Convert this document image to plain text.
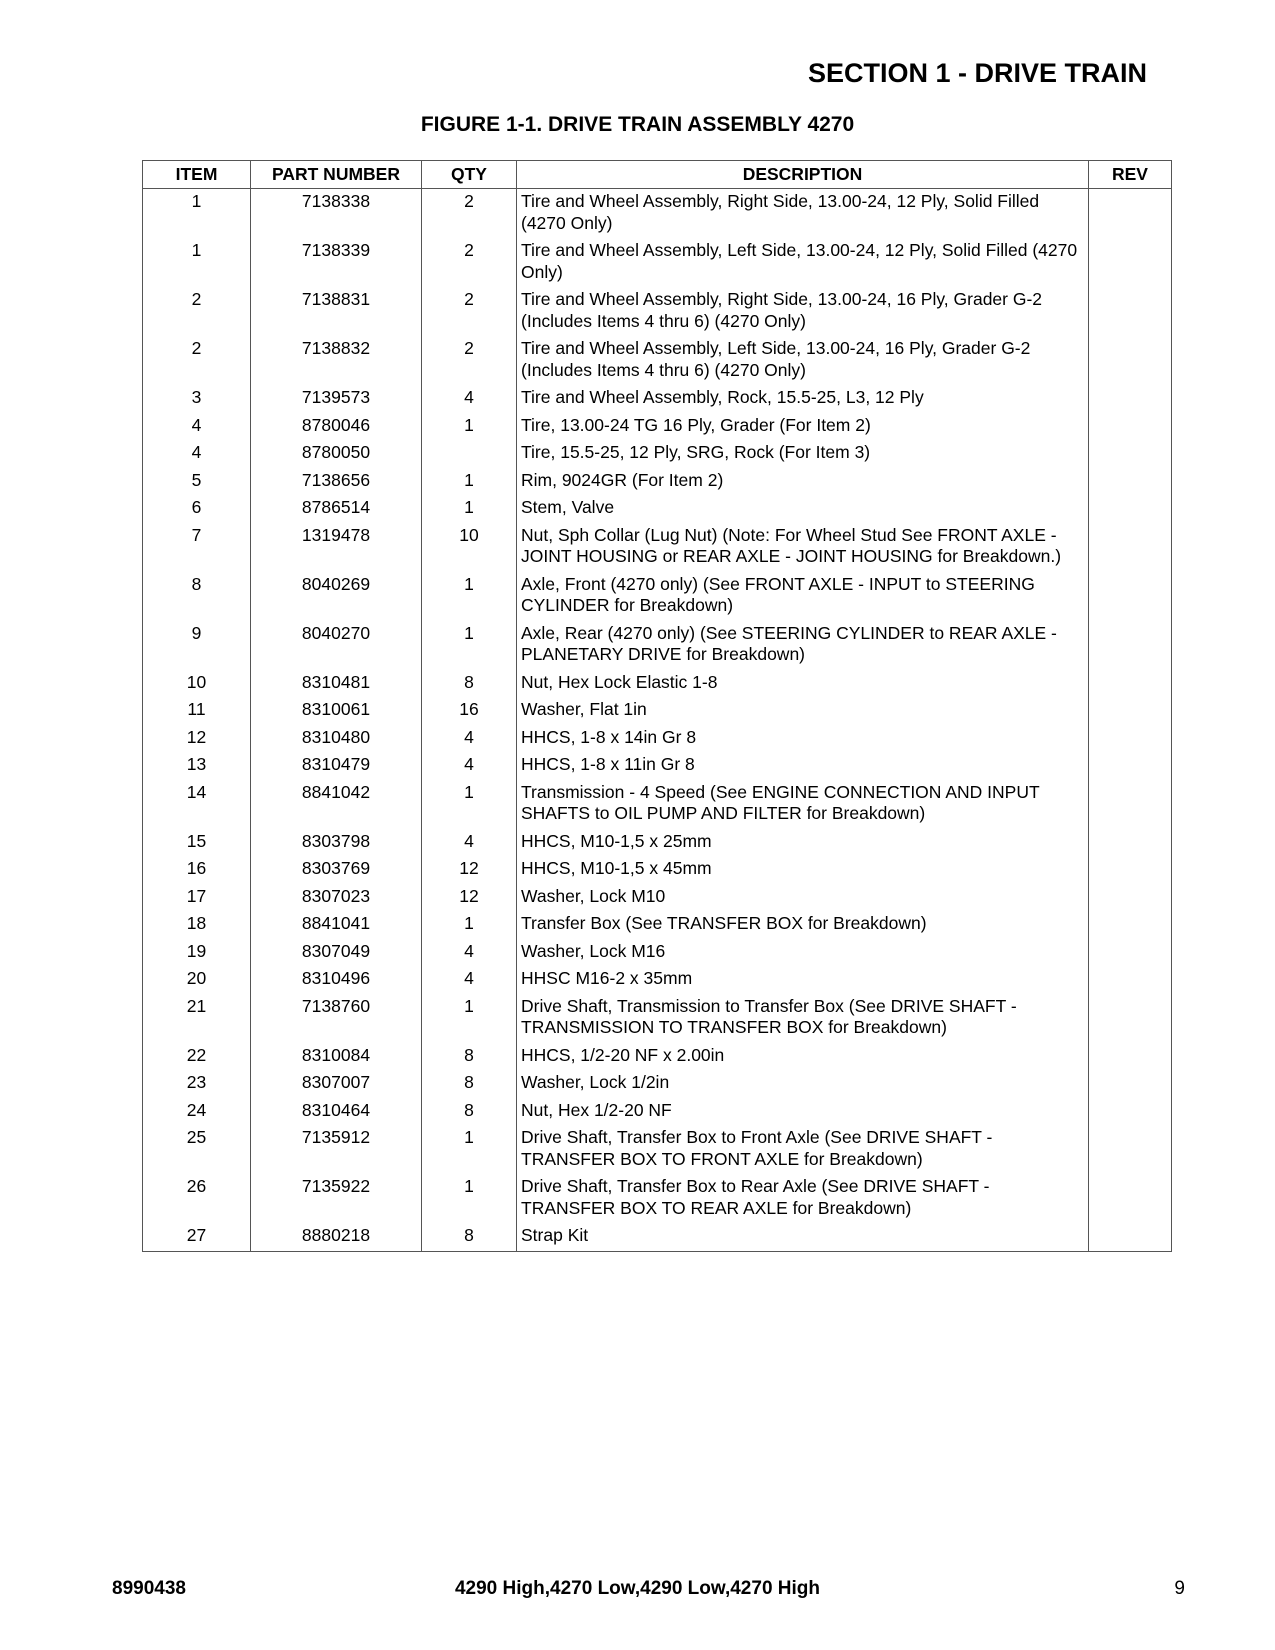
SECTION 1 - DRIVE TRAIN
FIGURE 1-1. DRIVE TRAIN ASSEMBLY 4270
ITEM	PART NUMBER	QTY	DESCRIPTION	REV
1	7138338	2	Tire and Wheel Assembly, Right Side, 13.00-24, 12 Ply, Solid Filled (4270 Only)	
1	7138339	2	Tire and Wheel Assembly, Left Side, 13.00-24, 12 Ply, Solid Filled (4270 Only)	
2	7138831	2	Tire and Wheel Assembly, Right Side, 13.00-24, 16 Ply, Grader G-2 (Includes Items 4 thru 6) (4270 Only)	
2	7138832	2	Tire and Wheel Assembly, Left Side, 13.00-24, 16 Ply, Grader G-2 (Includes Items 4 thru 6) (4270 Only)	
3	7139573	4	Tire and Wheel Assembly, Rock, 15.5-25, L3, 12 Ply	
4	8780046	1	Tire, 13.00-24 TG 16 Ply, Grader (For Item 2)	
4	8780050		Tire, 15.5-25, 12 Ply, SRG, Rock (For Item 3)	
5	7138656	1	Rim, 9024GR (For Item 2)	
6	8786514	1	Stem, Valve	
7	1319478	10	Nut, Sph Collar (Lug Nut) (Note: For Wheel Stud See FRONT AXLE - JOINT HOUSING or REAR AXLE - JOINT HOUSING for Breakdown.)	
8	8040269	1	Axle, Front (4270 only) (See FRONT AXLE - INPUT to STEERING CYLINDER for Breakdown)	
9	8040270	1	Axle, Rear (4270 only) (See STEERING CYLINDER to REAR AXLE - PLANETARY DRIVE for Breakdown)	
10	8310481	8	Nut, Hex Lock Elastic 1-8	
11	8310061	16	Washer, Flat 1in	
12	8310480	4	HHCS, 1-8 x 14in Gr 8	
13	8310479	4	HHCS, 1-8 x 11in Gr 8	
14	8841042	1	Transmission - 4 Speed (See ENGINE CONNECTION AND INPUT SHAFTS to OIL PUMP AND FILTER for Breakdown)	
15	8303798	4	HHCS, M10-1,5 x 25mm	
16	8303769	12	HHCS, M10-1,5 x 45mm	
17	8307023	12	Washer, Lock M10	
18	8841041	1	Transfer Box (See TRANSFER BOX for Breakdown)	
19	8307049	4	Washer, Lock M16	
20	8310496	4	HHSC M16-2 x 35mm	
21	7138760	1	Drive Shaft, Transmission to Transfer Box (See DRIVE SHAFT - TRANSMISSION TO TRANSFER BOX for Breakdown)	
22	8310084	8	HHCS, 1/2-20 NF x 2.00in	
23	8307007	8	Washer, Lock 1/2in	
24	8310464	8	Nut, Hex 1/2-20 NF	
25	7135912	1	Drive Shaft, Transfer Box to Front Axle (See DRIVE SHAFT - TRANSFER BOX TO FRONT AXLE for Breakdown)	
26	7135922	1	Drive Shaft, Transfer Box to Rear Axle (See DRIVE SHAFT - TRANSFER BOX TO REAR AXLE for Breakdown)	
27	8880218	8	Strap Kit	
8990438	4290 High,4270 Low,4290 Low,4270 High	9
